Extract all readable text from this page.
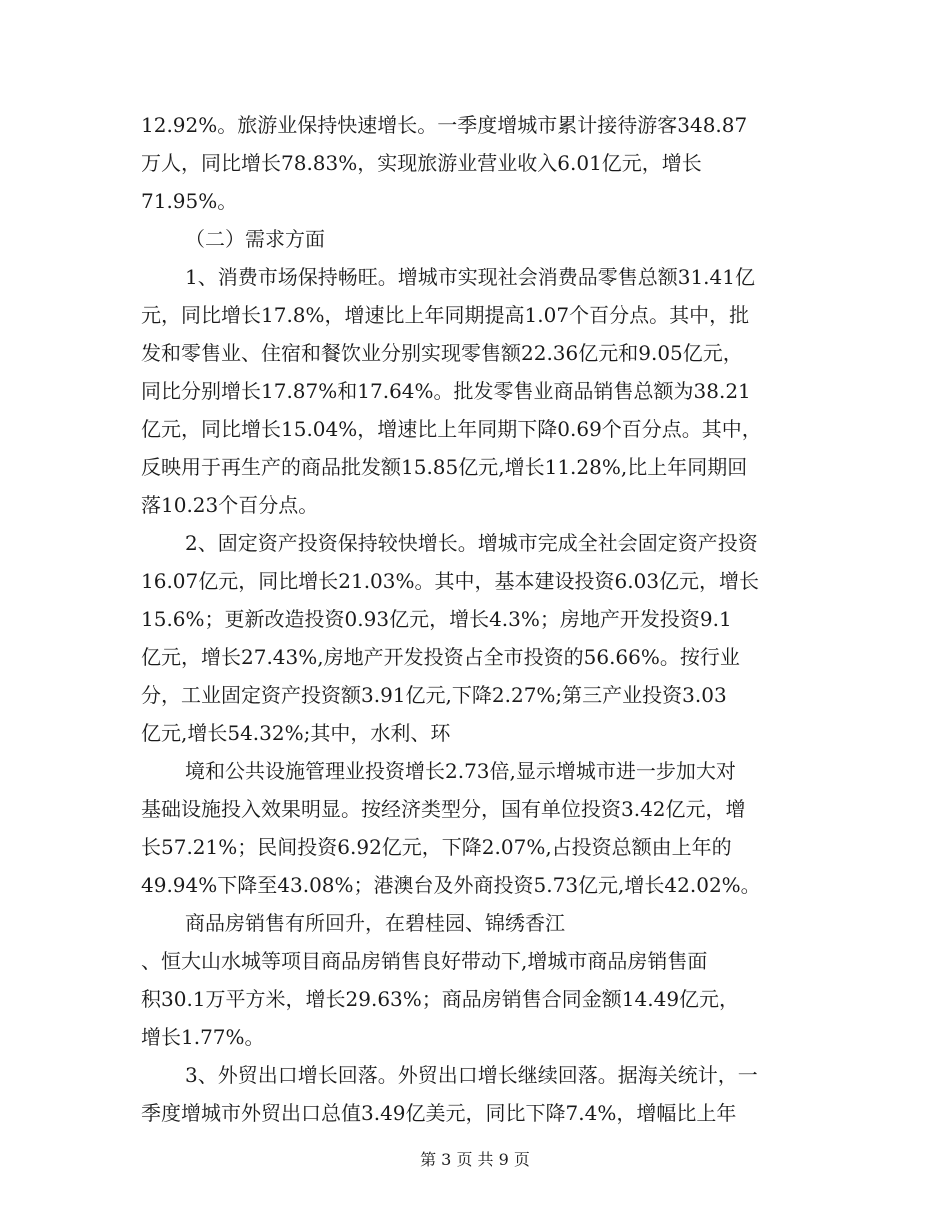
12.92%。旅游业保持快速增长。一季度增城市累计接待游客348.87
万人，同比增长78.83%，实现旅游业营业收入6.01亿元，增长
71.95%。
（二）需求方面
1、消费市场保持畅旺。增城市实现社会消费品零售总额31.41亿
元，同比增长17.8%，增速比上年同期提高1.07个百分点。其中，批
发和零售业、住宿和餐饮业分别实现零售额22.36亿元和9.05亿元，
同比分别增长17.87%和17.64%。批发零售业商品销售总额为38.21
亿元，同比增长15.04%，增速比上年同期下降0.69个百分点。其中，
反映用于再生产的商品批发额15.85亿元,增长11.28%,比上年同期回
落10.23个百分点。
2、固定资产投资保持较快增长。增城市完成全社会固定资产投资
16.07亿元，同比增长21.03%。其中，基本建设投资6.03亿元，增长
15.6%；更新改造投资0.93亿元，增长4.3%；房地产开发投资9.1
亿元，增长27.43%,房地产开发投资占全市投资的56.66%。按行业
分，工业固定资产投资额3.91亿元,下降2.27%;第三产业投资3.03
亿元,增长54.32%;其中，水利、环
境和公共设施管理业投资增长2.73倍,显示增城市进一步加大对
基础设施投入效果明显。按经济类型分，国有单位投资3.42亿元，增
长57.21%；民间投资6.92亿元，下降2.07%,占投资总额由上年的
49.94%下降至43.08%；港澳台及外商投资5.73亿元,增长42.02%。
商品房销售有所回升，在碧桂园、锦绣香江
、恒大山水城等项目商品房销售良好带动下,增城市商品房销售面
积30.1万平方米，增长29.63%；商品房销售合同金额14.49亿元，
增长1.77%。
3、外贸出口增长回落。外贸出口增长继续回落。据海关统计，一
季度增城市外贸出口总值3.49亿美元，同比下降7.4%，增幅比上年
第 3 页 共 9 页
